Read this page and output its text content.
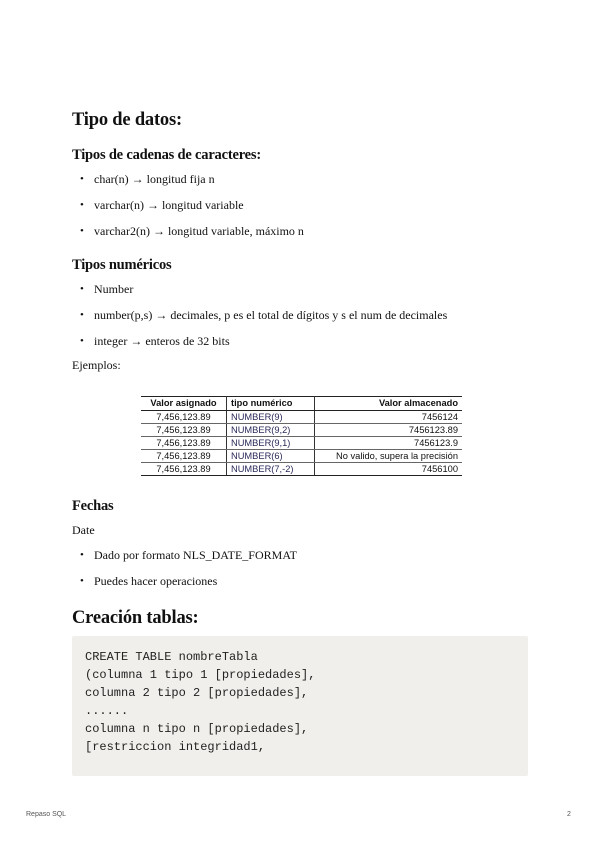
Tipo de datos:
Tipos de cadenas de caracteres:
• char(n) → longitud fija n
• varchar(n) → longitud variable
• varchar2(n) → longitud variable, máximo n
Tipos numéricos
• Number
• number(p,s) → decimales, p es el total de dígitos y s el num de decimales
• integer → enteros de 32 bits

Ejemplos:

Valor asignado	tipo numérico	Valor almacenado
7,456,123.89	NUMBER(9)	7456124
7,456,123.89	NUMBER(9,2)	7456123.89
7,456,123.89	NUMBER(9,1)	7456123.9
7,456,123.89	NUMBER(6)	No valido, supera la precisión
7,456,123.89	NUMBER(7,-2)	7456100
Fechas

Date

• Dado por formato NLS_DATE_FORMAT
• Puedes hacer operaciones
Creación tablas:
CREATE TABLE nombreTabla
(columna 1 tipo 1 [propiedades],
columna 2 tipo 2 [propiedades],
......
columna n tipo n [propiedades],
[restriccion integridad1,
Repaso SQL	2
